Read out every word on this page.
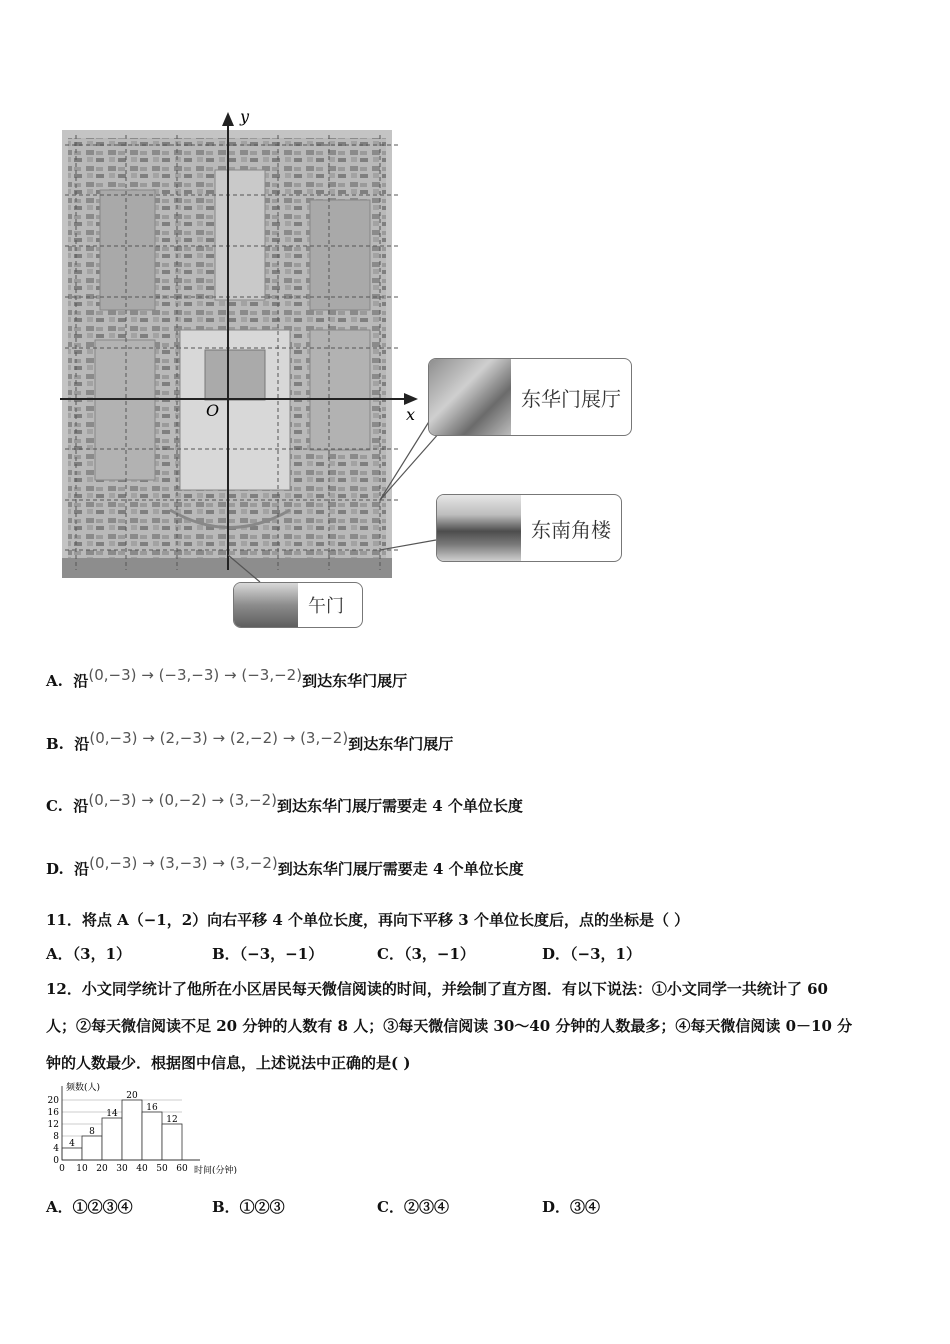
y
x
O	东华门展厅
东南角楼
午门
A. 沿(0,−3) → (−3,−3) → (−3,−2)到达东华门展厅
B. 沿(0,−3) → (2,−3) → (2,−2) → (3,−2)到达东华门展厅
C. 沿(0,−3) → (0,−2) → (3,−2)到达东华门展厅需要走 4 个单位长度
D. 沿(0,−3) → (3,−3) → (3,−2)到达东华门展厅需要走 4 个单位长度
11．将点 A（−1，2）向右平移 4 个单位长度，再向下平移 3 个单位长度后，点的坐标是（ ）
A．（3，1）	B．（−3，−1）	C．（3，−1）	D．（−3，1）
12．小文同学统计了他所在小区居民每天微信阅读的时间，并绘制了直方图．有以下说法：①小文同学一共统计了 60
人；②每天微信阅读不足 20 分钟的人数有 8 人；③每天微信阅读 30～40 分钟的人数最多；④每天微信阅读 0－10 分
钟的人数最少．根据图中信息，上述说法中正确的是( )
0
4
8
12
16
20
4
8
14
20
16
12
0 10 20 30 40 50 60
频数(人)
时间(分钟)
A．①②③④	B．①②③	C．②③④	D．③④
